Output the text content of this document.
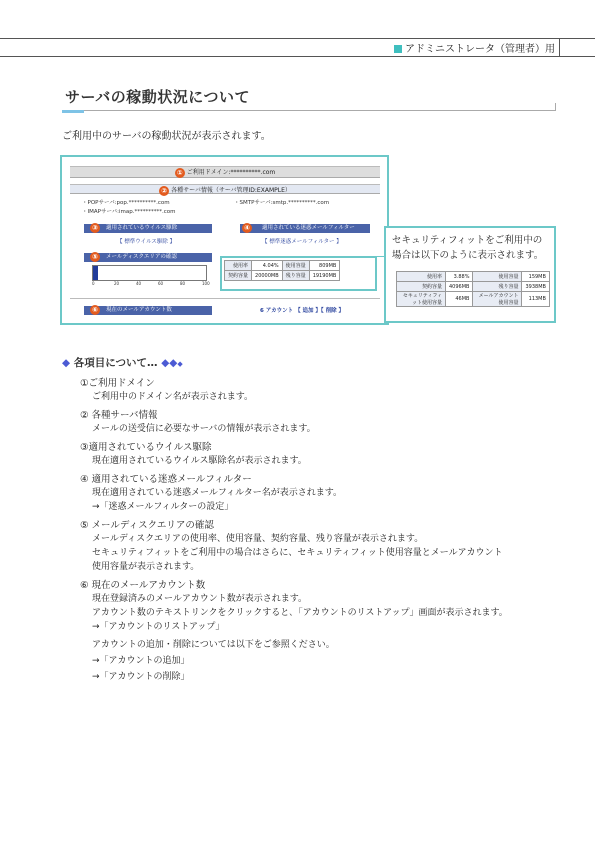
アドミニストレータ（管理者）用
サーバの稼動状況について
ご利用中のサーバの稼動状況が表示されます。
① ご利用ドメイン:**********.com
② 各種サーバ情報（サーバ管理ID:EXAMPLE）
・POPサーバ:pop.**********.com	・SMTPサーバ:smtp.**********.com
・IMAPサーバ:imap.**********.com
適用されているウイルス駆除
③
【 標準ウイルス駆除 】
適用されている迷惑メールフィルター
④
【 標準迷惑メールフィルター 】
メールディスクエリアの確認
⑤
0	20	40	60	80	100
使用率	4.04%	使用容量	809MB
契約容量	20000MB	残り容量	19190MB
現在のメールアカウント数
⑥	6 アカウント 【 追加 】【 削除 】
セキュリティフィットをご利用中の
場合は以下のように表示されます。
使用率	3.88%	使用容量	159MB
契約容量	4096MB	残り容量	3938MB
セキュリティフィット使用容量	46MB	メールアカウント使用容量	113MB
◆ 各項目について… ◆◆◆
①ご利用ドメイン
ご利用中のドメイン名が表示されます。
② 各種サーバ情報
メールの送受信に必要なサーバの情報が表示されます。
③適用されているウイルス駆除
現在適用されているウイルス駆除名が表示されます。
④ 適用されている迷惑メールフィルター
現在適用されている迷惑メールフィルター名が表示されます。
→「迷惑メールフィルターの設定」
⑤ メールディスクエリアの確認
メールディスクエリアの使用率、使用容量、契約容量、残り容量が表示されます。
セキュリティフィットをご利用中の場合はさらに、セキュリティフィット使用容量とメールアカウント
使用容量が表示されます。
⑥ 現在のメールアカウント数
現在登録済みのメールアカウント数が表示されます。
アカウント数のテキストリンクをクリックすると､「アカウントのリストアップ」画面が表示されます。
→「アカウントのリストアップ」
アカウントの追加・削除については以下をご参照ください。
→「アカウントの追加」
→「アカウントの削除」
